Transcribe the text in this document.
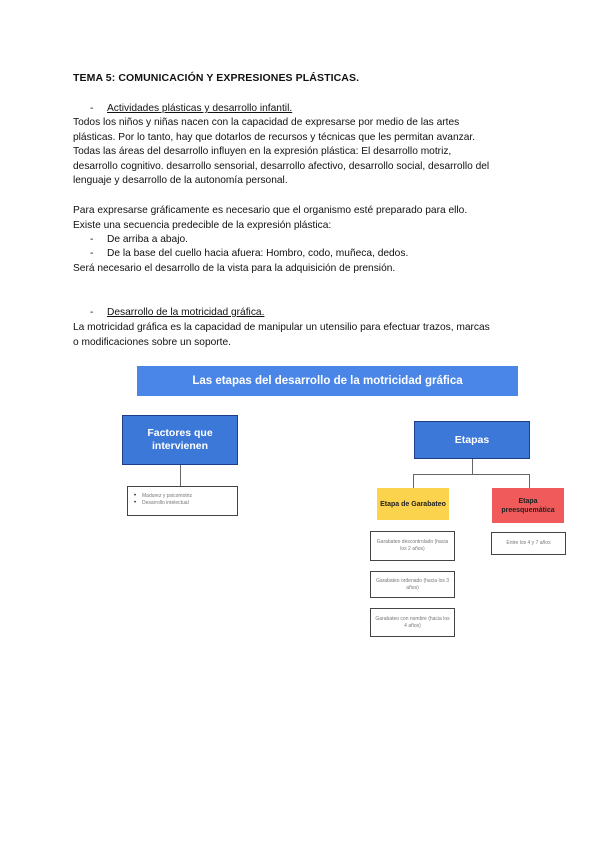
TEMA 5: COMUNICACIÓN Y EXPRESIONES PLÁSTICAS.
- Actividades plásticas y desarrollo infantil.

Todos los niños y niñas nacen con la capacidad de expresarse por medio de las artes

plásticas. Por lo tanto, hay que dotarlos de recursos y técnicas que les permitan avanzar.

Todas las áreas del desarrollo influyen en la expresión plástica: El desarrollo motriz,

desarrollo cognitivo. desarrollo sensorial, desarrollo afectivo, desarrollo social, desarrollo del

lenguaje y desarrollo de la autonomía personal.

Para expresarse gráficamente es necesario que el organismo esté preparado para ello.

Existe una secuencia predecible de la expresión plástica:

- De arriba a abajo.
- De la base del cuello hacia afuera: Hombro, codo, muñeca, dedos.

Será necesario el desarrollo de la vista para la adquisición de prensión.

- Desarrollo de la motricidad gráfica.

La motricidad gráfica es la capacidad de manipular un utensilio para efectuar trazos, marcas

o modificaciones sobre un soporte.

Las etapas del desarrollo de la motricidad gráfica
Factores que intervienen
• Madurez y psicomotriz
• Desarrollo intelectual
Etapas
Etapa de Garabateo	Etapa preesquemática
Garabateo descontrolado (hacia los 2 años)
Garabateo ordenado (hacia los 3 años)
Garabateo con nombre (hacia los 4 años)
Entre los 4 y 7 años
